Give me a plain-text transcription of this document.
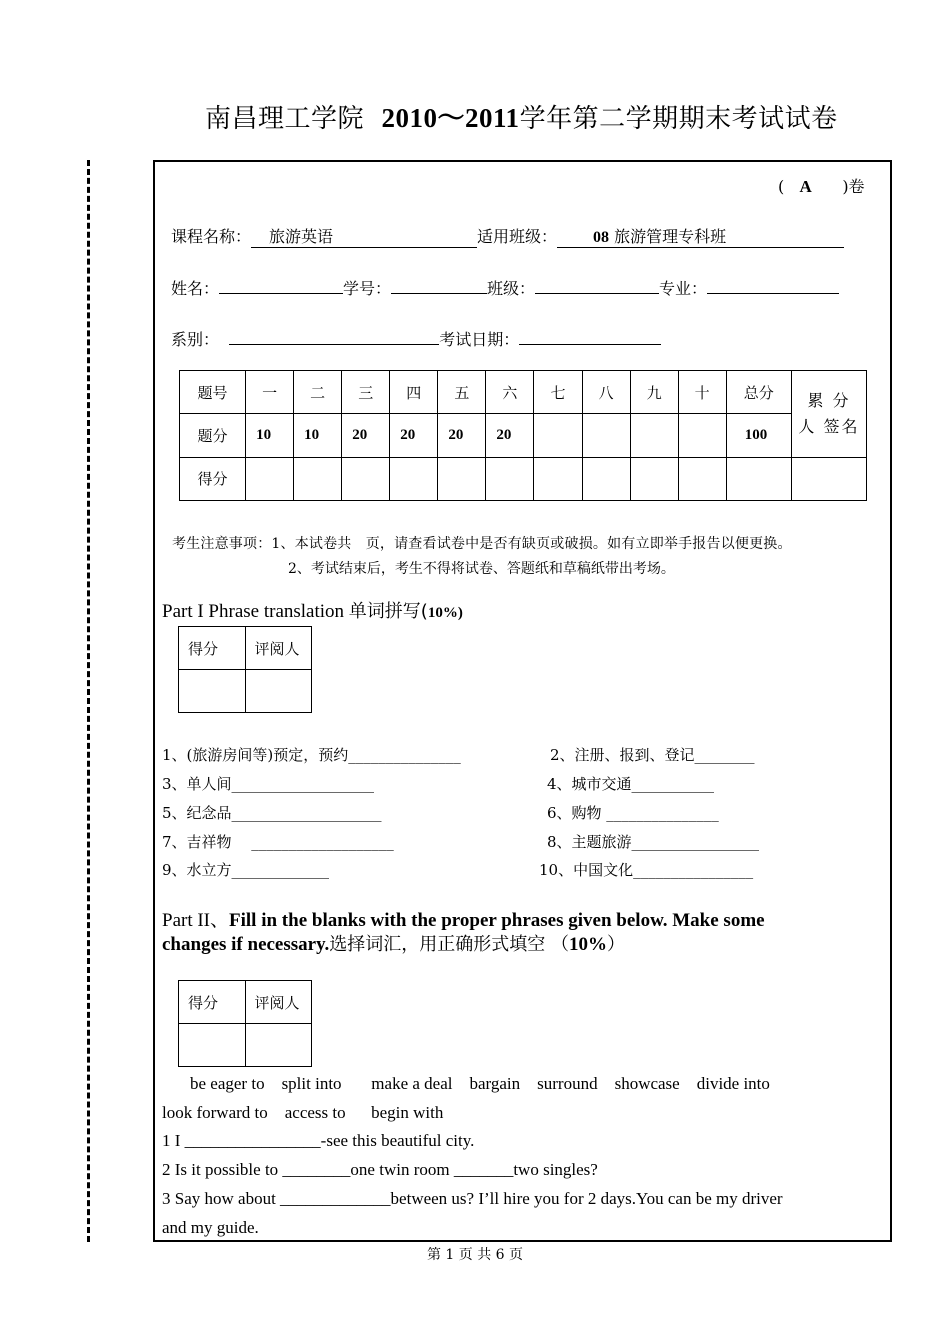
南昌理工学院 2010～2011学年第二学期期末考试试卷
( A )卷
课程名称： 旅游英语	适用班级： 08 旅游管理专科班
姓名：	学号：	班级：	专业：
系别：	考试日期：
题号	一	二	三	四	五	六	七	八	九	十	总分	累 分 人 签名
题分	10	10	20	20	20	20					100	
得分												
考生注意事项：1、本试卷共　页，请查看试卷中是否有缺页或破损。如有立即举手报告以便更换。
2、考试结束后，考生不得将试卷、答题纸和草稿纸带出考场。
Part I Phrase translation 单词拼写(10%)
得分	评阅人

1、(旅游房间等)预定，预约_______________	2、注册、报到、登记________
3、单人间___________________	4、城市交通___________
5、纪念品____________________	6、购物 _______________
7、吉祥物　 ___________________	8、主题旅游_________________
9、水立方_____________	10、中国文化________________
Part II、Fill in the blanks with the proper phrases given below. Make some
changes if necessary.选择词汇，用正确形式填空 （10%）
得分	评阅人

be eager to    split into       make a deal    bargain    surround    showcase    divide into
look forward to    access to      begin with
1 I ________________-see this beautiful city.
2 Is it possible to ________one twin room _______two singles?
3 Say how about _____________between us? I’ll hire you for 2 days.You can be my driver
and my guide.
第 1 页 共 6 页
